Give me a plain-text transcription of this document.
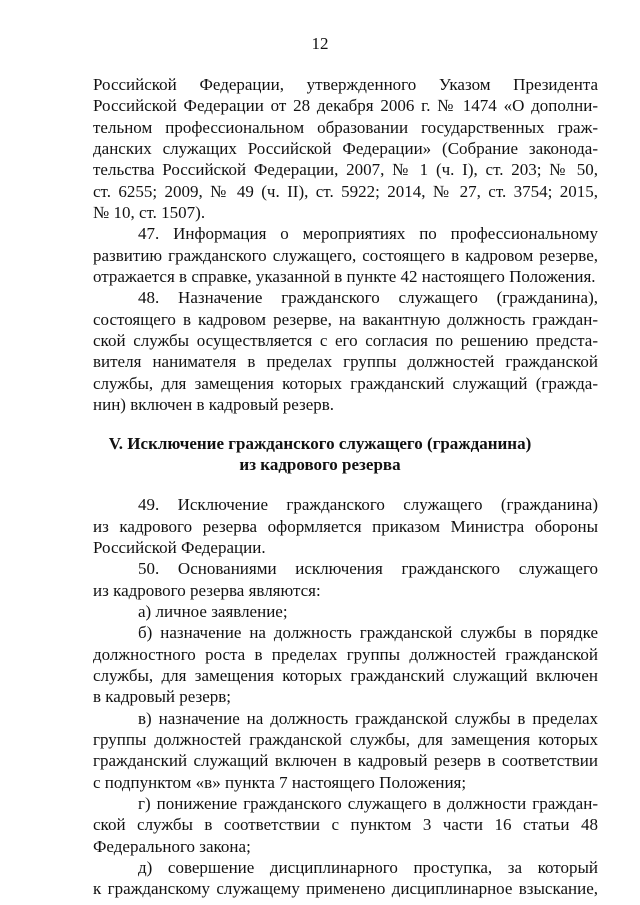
12
Российской Федерации, утвержденного Указом Президента
Российской Федерации от 28 декабря 2006 г. № 1474 «О дополни-
тельном профессиональном образовании государственных граж-
данских служащих Российской Федерации» (Собрание законода-
тельства Российской Федерации, 2007, № 1 (ч. I), ст. 203; № 50,
ст. 6255; 2009, № 49 (ч. II), ст. 5922; 2014, № 27, ст. 3754; 2015,
№ 10, ст. 1507).
47. Информация о мероприятиях по профессиональному
развитию гражданского служащего, состоящего в кадровом резерве,
отражается в справке, указанной в пункте 42 настоящего Положения.
48. Назначение гражданского служащего (гражданина),
состоящего в кадровом резерве, на вакантную должность граждан-
ской службы осуществляется с его согласия по решению предста-
вителя нанимателя в пределах группы должностей гражданской
службы, для замещения которых гражданский служащий (гражда-
нин) включен в кадровый резерв.
V. Исключение гражданского служащего (гражданина)
из кадрового резерва
49. Исключение гражданского служащего (гражданина)
из кадрового резерва оформляется приказом Министра обороны
Российской Федерации.
50. Основаниями исключения гражданского служащего
из кадрового резерва являются:
а) личное заявление;
б) назначение на должность гражданской службы в порядке
должностного роста в пределах группы должностей гражданской
службы, для замещения которых гражданский служащий включен
в кадровый резерв;
в) назначение на должность гражданской службы в пределах
группы должностей гражданской службы, для замещения которых
гражданский служащий включен в кадровый резерв в соответствии
с подпунктом «в» пункта 7 настоящего Положения;
г) понижение гражданского служащего в должности граждан-
ской службы в соответствии с пунктом 3 части 16 статьи 48
Федерального закона;
д) совершение дисциплинарного проступка, за который
к гражданскому служащему применено дисциплинарное взыскание,
